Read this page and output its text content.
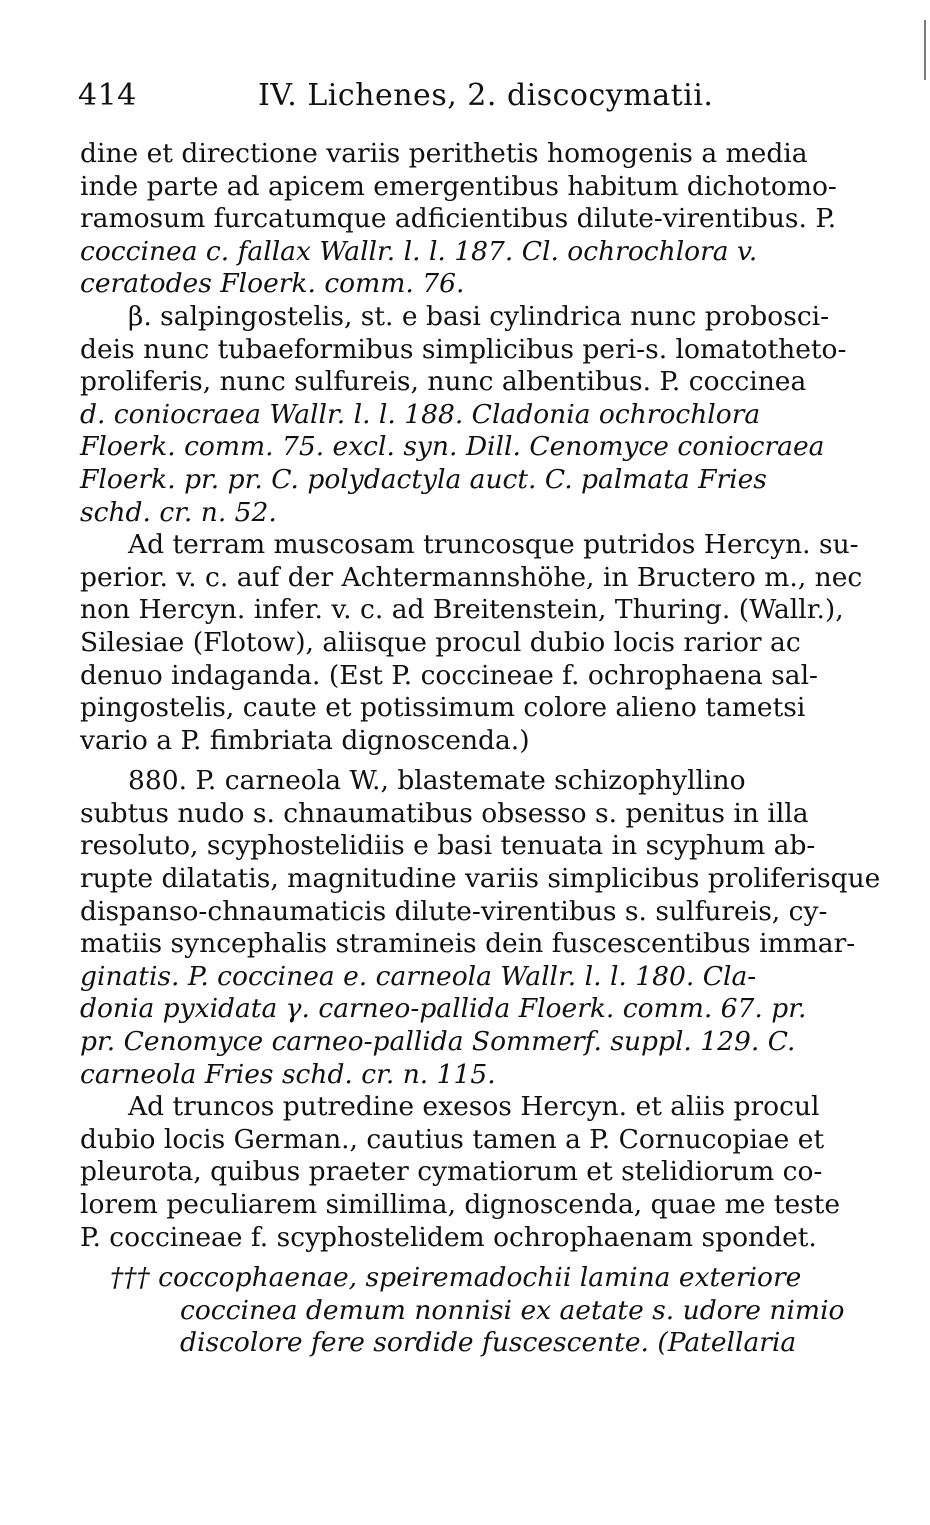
414	IV. Lichenes, 2. discocymatii.

dine et directione variis perithetis homogenis a media

inde parte ad apicem emergentibus habitum dichotomo-

ramosum furcatumque adficientibus dilute-virentibus. P.

coccinea c. fallax Wallr. l. l. 187. Cl. ochrochlora v.

ceratodes Floerk. comm. 76.

β. salpingostelis, st. e basi cylindrica nunc probosci-

deis nunc tubaeformibus simplicibus peri-s. lomatotheto-

proliferis, nunc sulfureis, nunc albentibus. P. coccinea

d. coniocraea Wallr. l. l. 188. Cladonia ochrochlora

Floerk. comm. 75. excl. syn. Dill. Cenomyce coniocraea

Floerk. pr. pr. C. polydactyla auct. C. palmata Fries

schd. cr. n. 52.

Ad terram muscosam truncosque putridos Hercyn. su-

perior. v. c. auf der Achtermannshöhe, in Bructero m., nec

non Hercyn. infer. v. c. ad Breitenstein, Thuring. (Wallr.),

Silesiae (Flotow), aliisque procul dubio locis rarior ac

denuo indaganda. (Est P. coccineae f. ochrophaena sal-

pingostelis, caute et potissimum colore alieno tametsi

vario a P. fimbriata dignoscenda.)

880. P. carneola W., blastemate schizophyllino

subtus nudo s. chnaumatibus obsesso s. penitus in illa

resoluto, scyphostelidiis e basi tenuata in scyphum ab-

rupte dilatatis, magnitudine variis simplicibus proliferisque

dispanso-chnaumaticis dilute-virentibus s. sulfureis, cy-

matiis syncephalis stramineis dein fuscescentibus immar-

ginatis. P. coccinea e. carneola Wallr. l. l. 180. Cla-

donia pyxidata γ. carneo-pallida Floerk. comm. 67. pr.

pr. Cenomyce carneo-pallida Sommerf. suppl. 129. C.

carneola Fries schd. cr. n. 115.

Ad truncos putredine exesos Hercyn. et aliis procul

dubio locis German., cautius tamen a P. Cornucopiae et

pleurota, quibus praeter cymatiorum et stelidiorum co-

lorem peculiarem simillima, dignoscenda, quae me teste

P. coccineae f. scyphostelidem ochrophaenam spondet.

††† coccophaenae, speiremadochii lamina exteriore

coccinea demum nonnisi ex aetate s. udore nimio

discolore fere sordide fuscescente. (Patellaria
